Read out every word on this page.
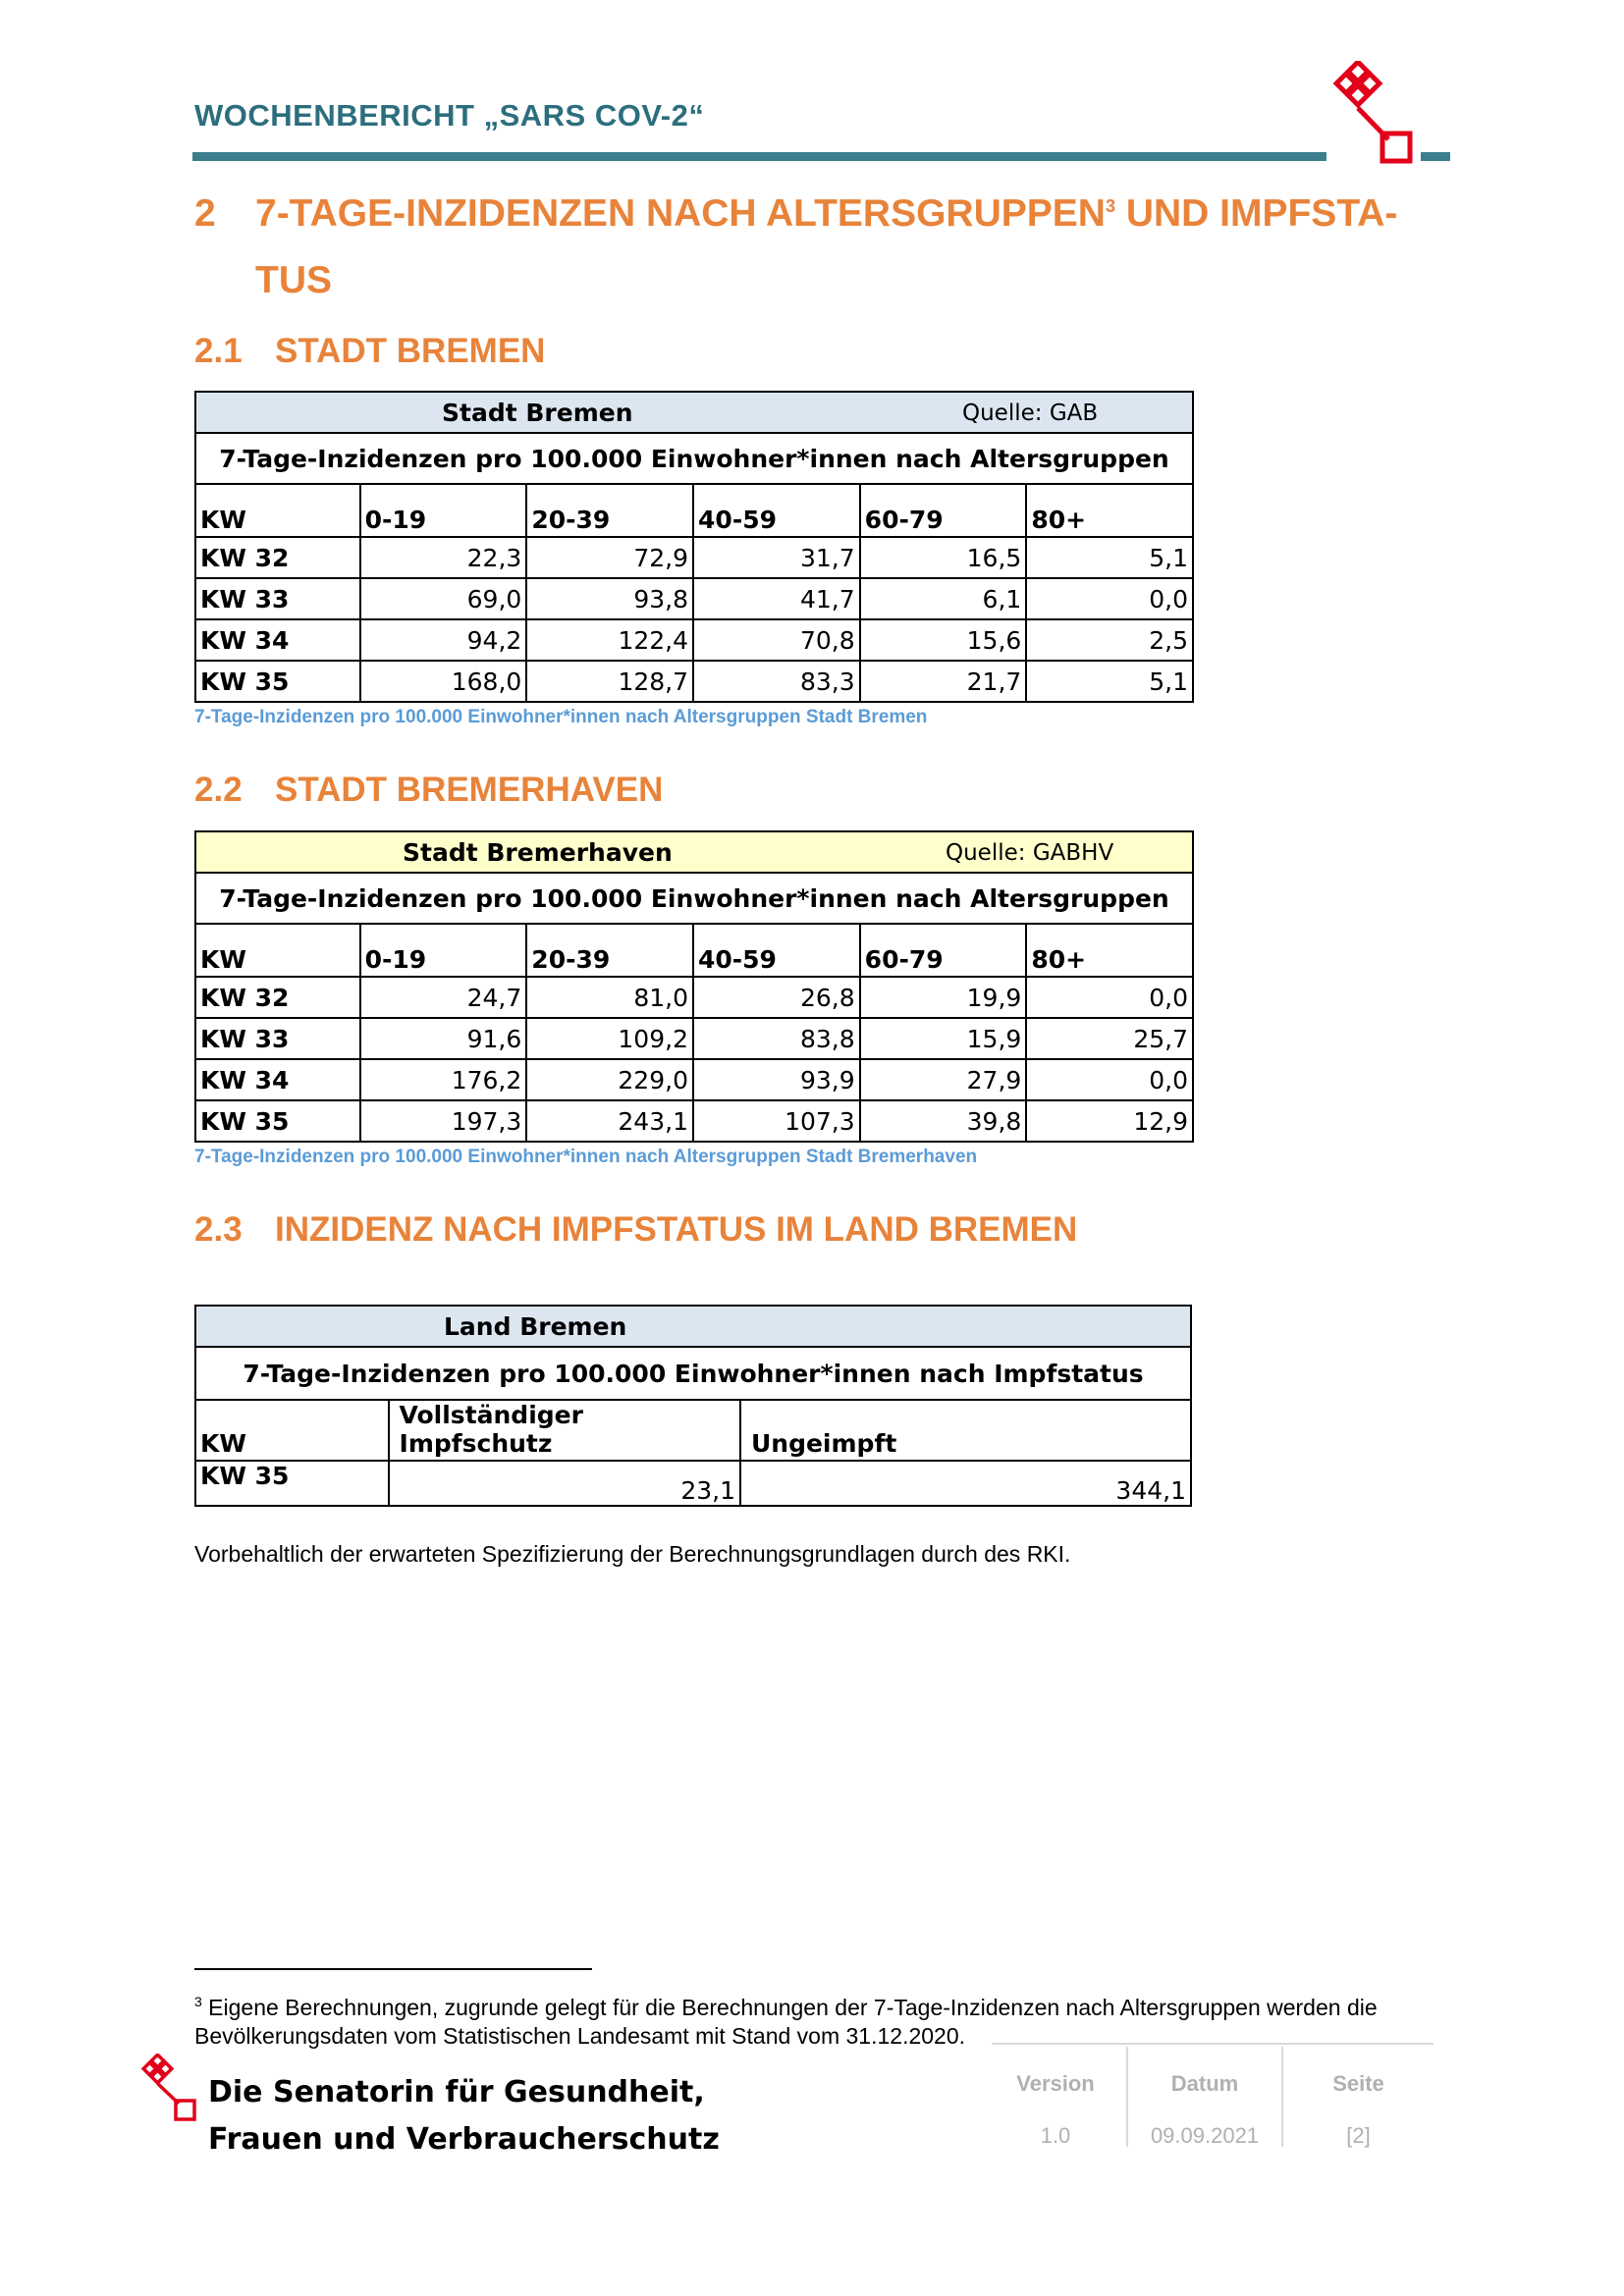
WOCHENBERICHT „SARS COV-2“
2 7-TAGE-INZIDENZEN NACH ALTERSGRUPPEN$^3$ UND IMPFSTA-
TUS
2.1 STADT BREMEN
Stadt Bremen Quelle: GAB					

7-Tage-Inzidenzen pro 100.000 Einwohner*innen nach Altersgruppen					
KW	0-19	20-39	40-59	60-79	80+
KW 32	22,3	72,9	31,7	16,5	5,1
KW 33	69,0	93,8	41,7	6,1	0,0
KW 34	94,2	122,4	70,8	15,6	2,5
KW 35	168,0	128,7	83,3	21,7	5,1
7-Tage-Inzidenzen pro 100.000 Einwohner*innen nach Altersgruppen Stadt Bremen
2.2 STADT BREMERHAVEN
Stadt Bremerhaven Quelle: GABHV					

7-Tage-Inzidenzen pro 100.000 Einwohner*innen nach Altersgruppen					
KW	0-19	20-39	40-59	60-79	80+
KW 32	24,7	81,0	26,8	19,9	0,0
KW 33	91,6	109,2	83,8	15,9	25,7
KW 34	176,2	229,0	93,9	27,9	0,0
KW 35	197,3	243,1	107,3	39,8	12,9
7-Tage-Inzidenzen pro 100.000 Einwohner*innen nach Altersgruppen Stadt Bremerhaven
2.3 INZIDENZ NACH IMPFSTATUS IM LAND BREMEN
Land Bremen		

7-Tage-Inzidenzen pro 100.000 Einwohner*innen nach Impfstatus		
KW	Vollständiger Impfschutz	Ungeimpft
KW 35	23,1	344,1
Vorbehaltlich der erwarteten Spezifizierung der Berechnungsgrundlagen durch des RKI.
$^3$ Eigene Berechnungen, zugrunde gelegt für die Berechnungen der 7-Tage-Inzidenzen nach Altersgruppen werden die Bevölkerungsdaten vom Statistischen Landesamt mit Stand vom 31.12.2020.
Die Senatorin für Gesundheit,
Frauen und Verbraucherschutz
Version
1.0
Datum
09.09.2021
Seite
[2]
